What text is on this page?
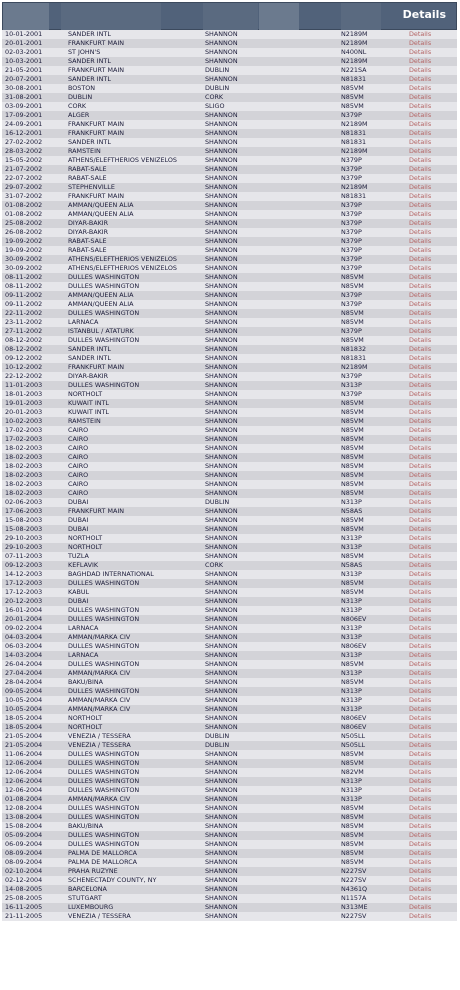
Details
10-01-2001	SANDER INTL	SHANNON	N2189M	Details
20-01-2001	FRANKFURT MAIN	SHANNON	N2189M	Details
02-03-2001	ST JOHN'S	SHANNON	N400NL	Details
10-03-2001	SANDER INTL	SHANNON	N2189M	Details
21-05-2001	FRANKFURT MAIN	DUBLIN	N221SA	Details
20-07-2001	SANDER INTL	SHANNON	N81831	Details
30-08-2001	BOSTON	DUBLIN	N85VM	Details
31-08-2001	DUBLIN	CORK	N85VM	Details
03-09-2001	CORK	SLIGO	N85VM	Details
17-09-2001	ALGER	SHANNON	N379P	Details
24-09-2001	FRANKFURT MAIN	SHANNON	N2189M	Details
16-12-2001	FRANKFURT MAIN	SHANNON	N81831	Details
27-02-2002	SANDER INTL	SHANNON	N81831	Details
28-03-2002	RAMSTEIN	SHANNON	N2189M	Details
15-05-2002	ATHENS/ELEFTHERIOS VENIZELOS	SHANNON	N379P	Details
21-07-2002	RABAT-SALE	SHANNON	N379P	Details
22-07-2002	RABAT-SALE	SHANNON	N379P	Details
29-07-2002	STEPHENVILLE	SHANNON	N2189M	Details
31-07-2002	FRANKFURT MAIN	SHANNON	N81831	Details
01-08-2002	AMMAN/QUEEN ALIA	SHANNON	N379P	Details
01-08-2002	AMMAN/QUEEN ALIA	SHANNON	N379P	Details
25-08-2002	DIYAR-BAKIR	SHANNON	N379P	Details
26-08-2002	DIYAR-BAKIR	SHANNON	N379P	Details
19-09-2002	RABAT-SALE	SHANNON	N379P	Details
19-09-2002	RABAT-SALE	SHANNON	N379P	Details
30-09-2002	ATHENS/ELEFTHERIOS VENIZELOS	SHANNON	N379P	Details
30-09-2002	ATHENS/ELEFTHERIOS VENIZELOS	SHANNON	N379P	Details
08-11-2002	DULLES WASHINGTON	SHANNON	N85VM	Details
08-11-2002	DULLES WASHINGTON	SHANNON	N85VM	Details
09-11-2002	AMMAN/QUEEN ALIA	SHANNON	N379P	Details
09-11-2002	AMMAN/QUEEN ALIA	SHANNON	N379P	Details
22-11-2002	DULLES WASHINGTON	SHANNON	N85VM	Details
23-11-2002	LARNACA	SHANNON	N85VM	Details
27-11-2002	ISTANBUL / ATATURK	SHANNON	N379P	Details
08-12-2002	DULLES WASHINGTON	SHANNON	N85VM	Details
08-12-2002	SANDER INTL	SHANNON	N81832	Details
09-12-2002	SANDER INTL	SHANNON	N81831	Details
10-12-2002	FRANKFURT MAIN	SHANNON	N2189M	Details
22-12-2002	DIYAR-BAKIR	SHANNON	N379P	Details
11-01-2003	DULLES WASHINGTON	SHANNON	N313P	Details
18-01-2003	NORTHOLT	SHANNON	N379P	Details
19-01-2003	KUWAIT INTL	SHANNON	N85VM	Details
20-01-2003	KUWAIT INTL	SHANNON	N85VM	Details
10-02-2003	RAMSTEIN	SHANNON	N85VM	Details
17-02-2003	CAIRO	SHANNON	N85VM	Details
17-02-2003	CAIRO	SHANNON	N85VM	Details
18-02-2003	CAIRO	SHANNON	N85VM	Details
18-02-2003	CAIRO	SHANNON	N85VM	Details
18-02-2003	CAIRO	SHANNON	N85VM	Details
18-02-2003	CAIRO	SHANNON	N85VM	Details
18-02-2003	CAIRO	SHANNON	N85VM	Details
18-02-2003	CAIRO	SHANNON	N85VM	Details
02-06-2003	DUBAI	DUBLIN	N313P	Details
17-06-2003	FRANKFURT MAIN	SHANNON	N58AS	Details
15-08-2003	DUBAI	SHANNON	N85VM	Details
15-08-2003	DUBAI	SHANNON	N85VM	Details
29-10-2003	NORTHOLT	SHANNON	N313P	Details
29-10-2003	NORTHOLT	SHANNON	N313P	Details
07-11-2003	TUZLA	SHANNON	N85VM	Details
09-12-2003	KEFLAVIK	CORK	N58AS	Details
14-12-2003	BAGHDAD INTERNATIONAL	SHANNON	N313P	Details
17-12-2003	DULLES WASHINGTON	SHANNON	N85VM	Details
17-12-2003	KABUL	SHANNON	N85VM	Details
20-12-2003	DUBAI	SHANNON	N313P	Details
16-01-2004	DULLES WASHINGTON	SHANNON	N313P	Details
20-01-2004	DULLES WASHINGTON	SHANNON	N806EV	Details
09-02-2004	LARNACA	SHANNON	N313P	Details
04-03-2004	AMMAN/MARKA CIV	SHANNON	N313P	Details
06-03-2004	DULLES WASHINGTON	SHANNON	N806EV	Details
14-03-2004	LARNACA	SHANNON	N313P	Details
26-04-2004	DULLES WASHINGTON	SHANNON	N85VM	Details
27-04-2004	AMMAN/MARKA CIV	SHANNON	N313P	Details
28-04-2004	BAKU/BINA	SHANNON	N85VM	Details
09-05-2004	DULLES WASHINGTON	SHANNON	N313P	Details
10-05-2004	AMMAN/MARKA CIV	SHANNON	N313P	Details
10-05-2004	AMMAN/MARKA CIV	SHANNON	N313P	Details
18-05-2004	NORTHOLT	SHANNON	N806EV	Details
18-05-2004	NORTHOLT	SHANNON	N806EV	Details
21-05-2004	VENEZIA / TESSERA	DUBLIN	N505LL	Details
21-05-2004	VENEZIA / TESSERA	DUBLIN	N505LL	Details
11-06-2004	DULLES WASHINGTON	SHANNON	N85VM	Details
12-06-2004	DULLES WASHINGTON	SHANNON	N85VM	Details
12-06-2004	DULLES WASHINGTON	SHANNON	N82VM	Details
12-06-2004	DULLES WASHINGTON	SHANNON	N313P	Details
12-06-2004	DULLES WASHINGTON	SHANNON	N313P	Details
01-08-2004	AMMAN/MARKA CIV	SHANNON	N313P	Details
12-08-2004	DULLES WASHINGTON	SHANNON	N85VM	Details
13-08-2004	DULLES WASHINGTON	SHANNON	N85VM	Details
15-08-2004	BAKU/BINA	SHANNON	N85VM	Details
05-09-2004	DULLES WASHINGTON	SHANNON	N85VM	Details
06-09-2004	DULLES WASHINGTON	SHANNON	N85VM	Details
08-09-2004	PALMA DE MALLORCA	SHANNON	N85VM	Details
08-09-2004	PALMA DE MALLORCA	SHANNON	N85VM	Details
02-10-2004	PRAHA RUZYNE	SHANNON	N227SV	Details
02-12-2004	SCHENECTADY COUNTY, NY	SHANNON	N227SV	Details
14-08-2005	BARCELONA	SHANNON	N4361Q	Details
25-08-2005	STUTGART	SHANNON	N1157A	Details
16-11-2005	LUXEMBOURG	SHANNON	N313ME	Details
21-11-2005	VENEZIA / TESSERA	SHANNON	N227SV	Details
